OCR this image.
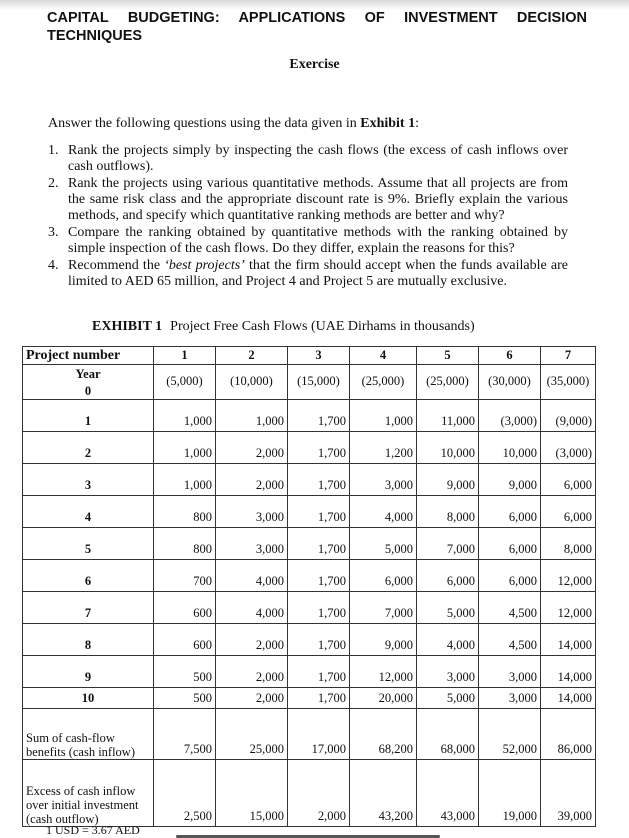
CAPITAL BUDGETING: APPLICATIONS OF INVESTMENT DECISION
TECHNIQUES
Exercise
Answer the following questions using the data given in Exhibit 1:
1. Rank the projects simply by inspecting the cash flows (the excess of cash inflows over cash outflows).
2. Rank the projects using various quantitative methods. Assume that all projects are from the same risk class and the appropriate discount rate is 9%. Briefly explain the various methods, and specify which quantitative ranking methods are better and why?
3. Compare the ranking obtained by quantitative methods with the ranking obtained by simple inspection of the cash flows. Do they differ, explain the reasons for this?
4. Recommend the ‘best projects’ that the firm should accept when the funds available are limited to AED 65 million, and Project 4 and Project 5 are mutually exclusive.
EXHIBIT 1 Project Free Cash Flows (UAE Dirhams in thousands)
Project number	1	2	3	4	5	6	7

Year
0	(5,000)	(10,000)	(15,000)	(25,000)	(25,000)	(30,000)	(35,000)
1	1,000	1,000	1,700	1,000	11,000	(3,000)	(9,000)
2	1,000	2,000	1,700	1,200	10,000	10,000	(3,000)
3	1,000	2,000	1,700	3,000	9,000	9,000	6,000
4	800	3,000	1,700	4,000	8,000	6,000	6,000
5	800	3,000	1,700	5,000	7,000	6,000	8,000
6	700	4,000	1,700	6,000	6,000	6,000	12,000
7	600	4,000	1,700	7,000	5,000	4,500	12,000
8	600	2,000	1,700	9,000	4,000	4,500	14,000
9	500	2,000	1,700	12,000	3,000	3,000	14,000
10	500	2,000	1,700	20,000	5,000	3,000	14,000
Sum of cash-flow benefits (cash inflow)	7,500	25,000	17,000	68,200	68,000	52,000	86,000
Excess of cash inflow over initial investment (cash outflow)	2,500	15,000	2,000	43,200	43,000	19,000	39,000
1 USD = 3.67 AED
